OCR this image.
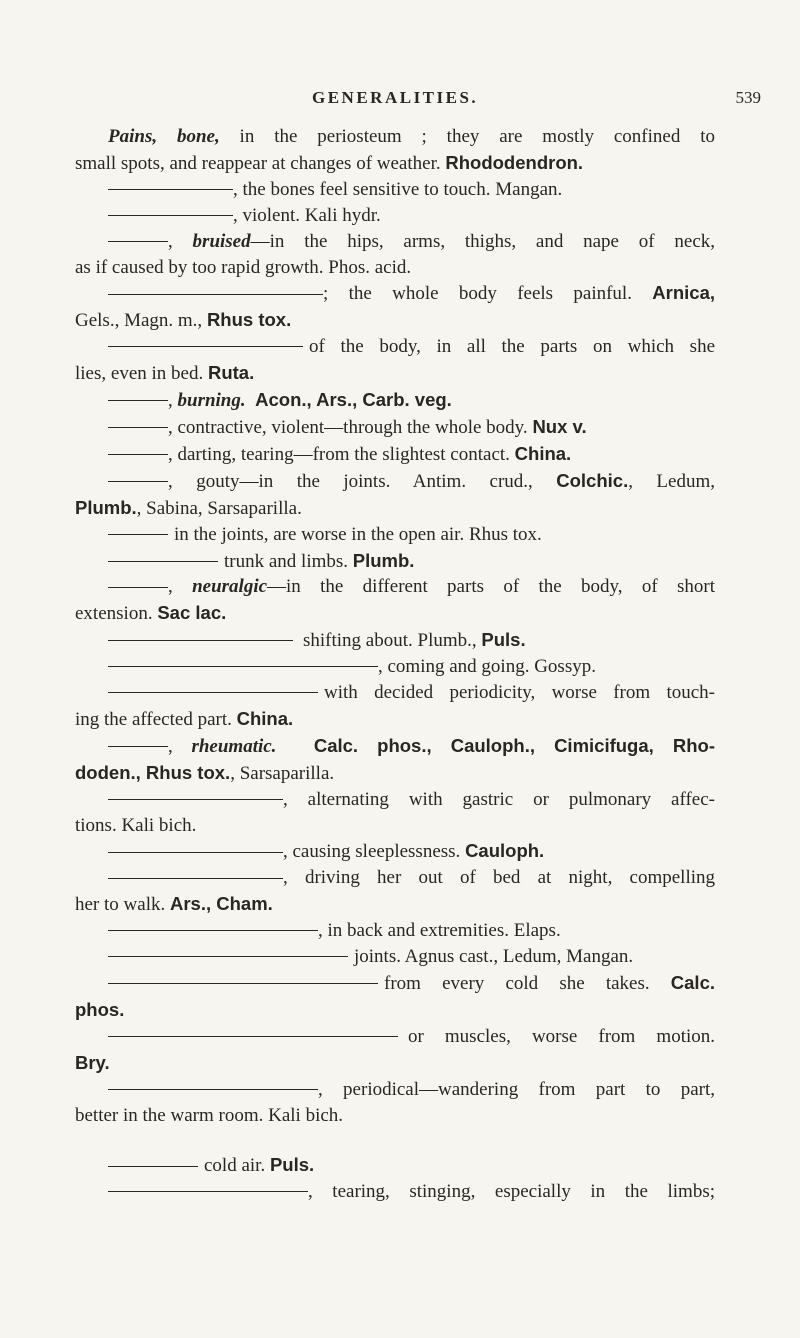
GENERALITIES.	539
Pains, bone, in the periosteum ; they are mostly confined to
small spots, and reappear at changes of weather. Rhododendron.
, the bones feel sensitive to touch. Mangan.
, violent. Kali hydr.
, bruised—in the hips, arms, thighs, and nape of neck,
as if caused by too rapid growth. Phos. acid.
; the whole body feels painful. Arnica,
Gels., Magn. m., Rhus tox.
of the body, in all the parts on which she
lies, even in bed. Ruta.
, burning. Acon., Ars., Carb. veg.
, contractive, violent—through the whole body. Nux v.
, darting, tearing—from the slightest contact. China.
, gouty—in the joints. Antim. crud., Colchic., Ledum,
Plumb., Sabina, Sarsaparilla.
in the joints, are worse in the open air. Rhus tox.
trunk and limbs. Plumb.
, neuralgic—in the different parts of the body, of short
extension. Sac lac.
shifting about. Plumb., Puls.
, coming and going. Gossyp.
with decided periodicity, worse from touch-
ing the affected part. China.
, rheumatic. Calc. phos., Cauloph., Cimicifuga, Rho-
doden., Rhus tox., Sarsaparilla.
, alternating with gastric or pulmonary affec-
tions. Kali bich.
, causing sleeplessness. Cauloph.
, driving her out of bed at night, compelling
her to walk. Ars., Cham.
, in back and extremities. Elaps.
joints. Agnus cast., Ledum, Mangan.
from every cold she takes. Calc.
phos.
or muscles, worse from motion.
Bry.
, periodical—wandering from part to part,
better in the warm room. Kali bich.
cold air. Puls.
, tearing, stinging, especially in the limbs;
